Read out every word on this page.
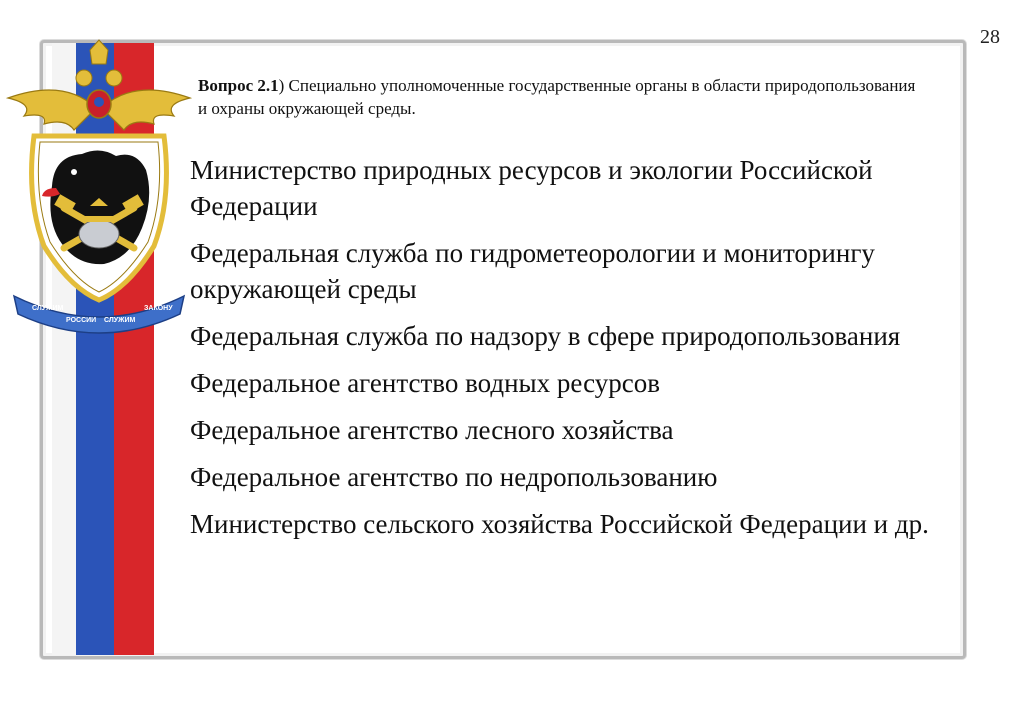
СЛУЖИМ
РОССИИ СЛУЖИМ
ЗАКОНУ
28
Вопрос 2.1) Специально уполномоченные государственные органы в области природопользования и охраны окружающей среды.
Министерство природных ресурсов и экологии Российской Федерации
Федеральная служба по гидрометеорологии и мониторингу окружающей среды
Федеральная служба по надзору в сфере природопользования
Федеральное агентство водных ресурсов
Федеральное агентство лесного хозяйства
Федеральное агентство по недропользованию
Министерство сельского хозяйства Российской Федерации и др.
